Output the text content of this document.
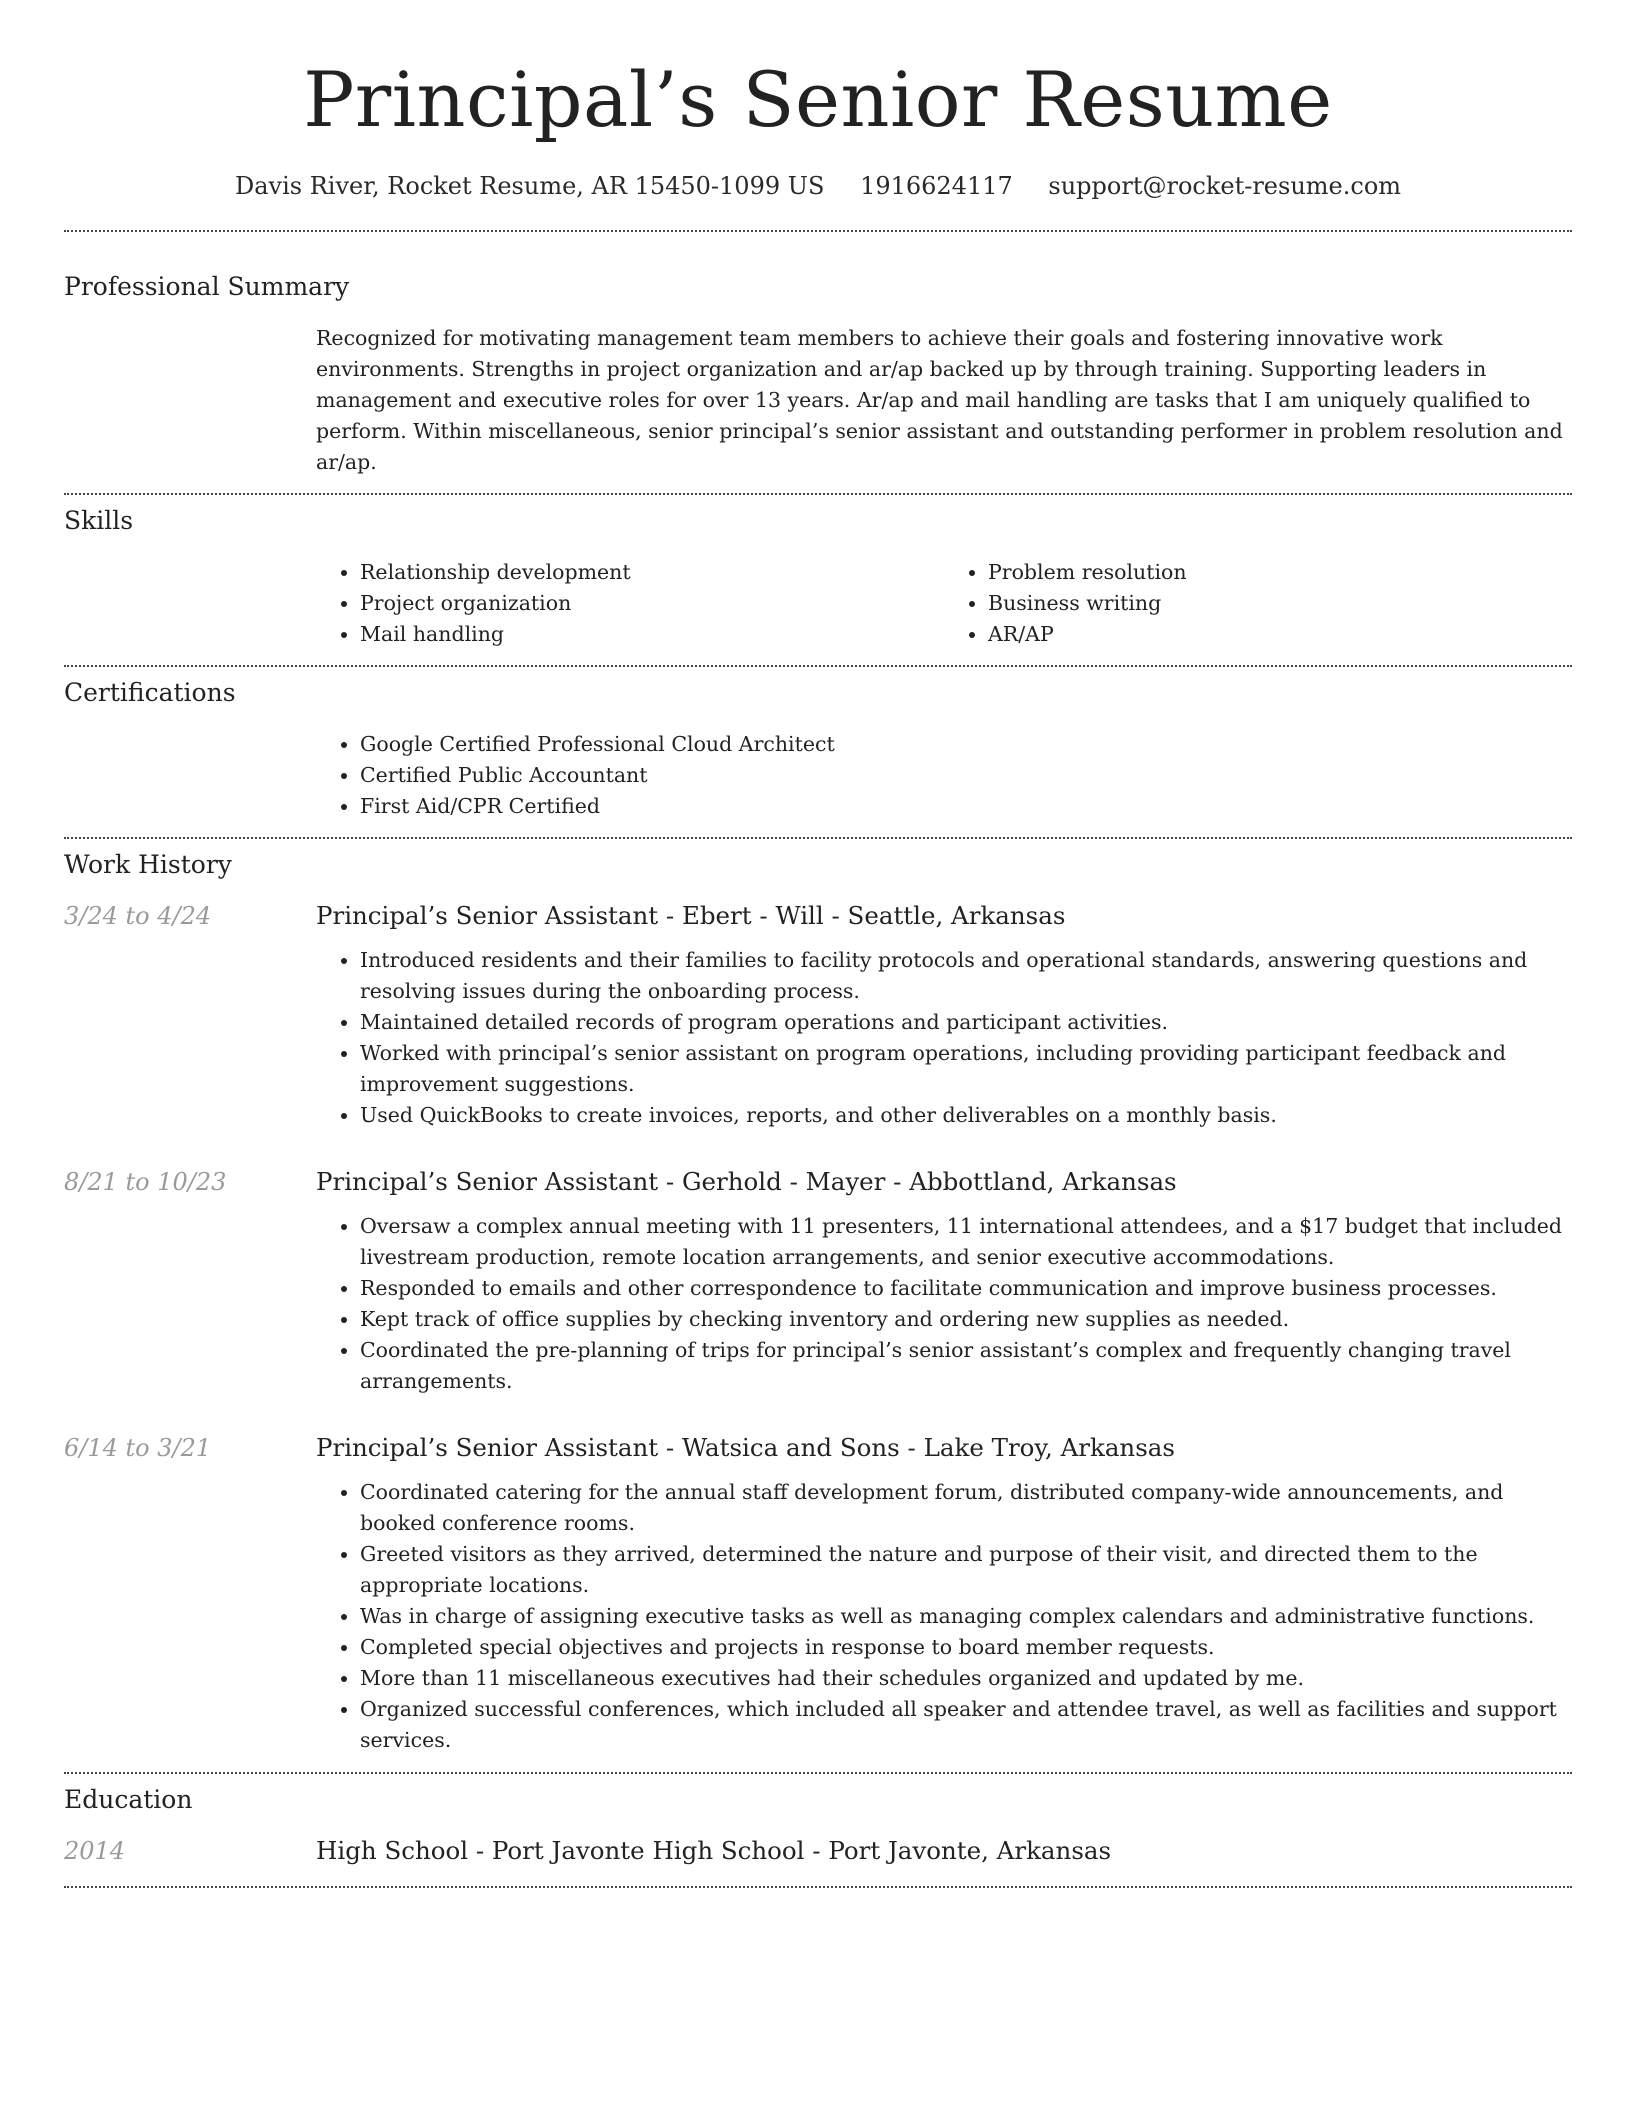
Principal’s Senior Resume
Davis River, Rocket Resume, AR 15450-1099 US 1916624117 support@rocket-resume.com
Professional Summary

Recognized for motivating management team members to achieve their goals and fostering innovative work environments. Strengths in project organization and ar/ap backed up by through training. Supporting leaders in management and executive roles for over 13 years. Ar/ap and mail handling are tasks that I am uniquely qualified to perform. Within miscellaneous, senior principal’s senior assistant and outstanding performer in problem resolution and ar/ap.

Skills
• Relationship development
• Project organization
• Mail handling
• Problem resolution
• Business writing
• AR/AP
Certifications
• Google Certified Professional Cloud Architect
• Certified Public Accountant
• First Aid/CPR Certified
Work History
3/24 to 4/24	Principal’s Senior Assistant - Ebert - Will - Seattle, Arkansas

• Introduced residents and their families to facility protocols and operational standards, answering questions and resolving issues during the onboarding process.
• Maintained detailed records of program operations and participant activities.
• Worked with principal’s senior assistant on program operations, including providing participant feedback and improvement suggestions.
• Used QuickBooks to create invoices, reports, and other deliverables on a monthly basis.
8/21 to 10/23	Principal’s Senior Assistant - Gerhold - Mayer - Abbottland, Arkansas

• Oversaw a complex annual meeting with 11 presenters, 11 international attendees, and a $17 budget that included livestream production, remote location arrangements, and senior executive accommodations.
• Responded to emails and other correspondence to facilitate communication and improve business processes.
• Kept track of office supplies by checking inventory and ordering new supplies as needed.
• Coordinated the pre-planning of trips for principal’s senior assistant’s complex and frequently changing travel arrangements.
6/14 to 3/21	Principal’s Senior Assistant - Watsica and Sons - Lake Troy, Arkansas

• Coordinated catering for the annual staff development forum, distributed company-wide announcements, and booked conference rooms.
• Greeted visitors as they arrived, determined the nature and purpose of their visit, and directed them to the appropriate locations.
• Was in charge of assigning executive tasks as well as managing complex calendars and administrative functions.
• Completed special objectives and projects in response to board member requests.
• More than 11 miscellaneous executives had their schedules organized and updated by me.
• Organized successful conferences, which included all speaker and attendee travel, as well as facilities and support services.
Education
2014	High School - Port Javonte High School - Port Javonte, Arkansas
